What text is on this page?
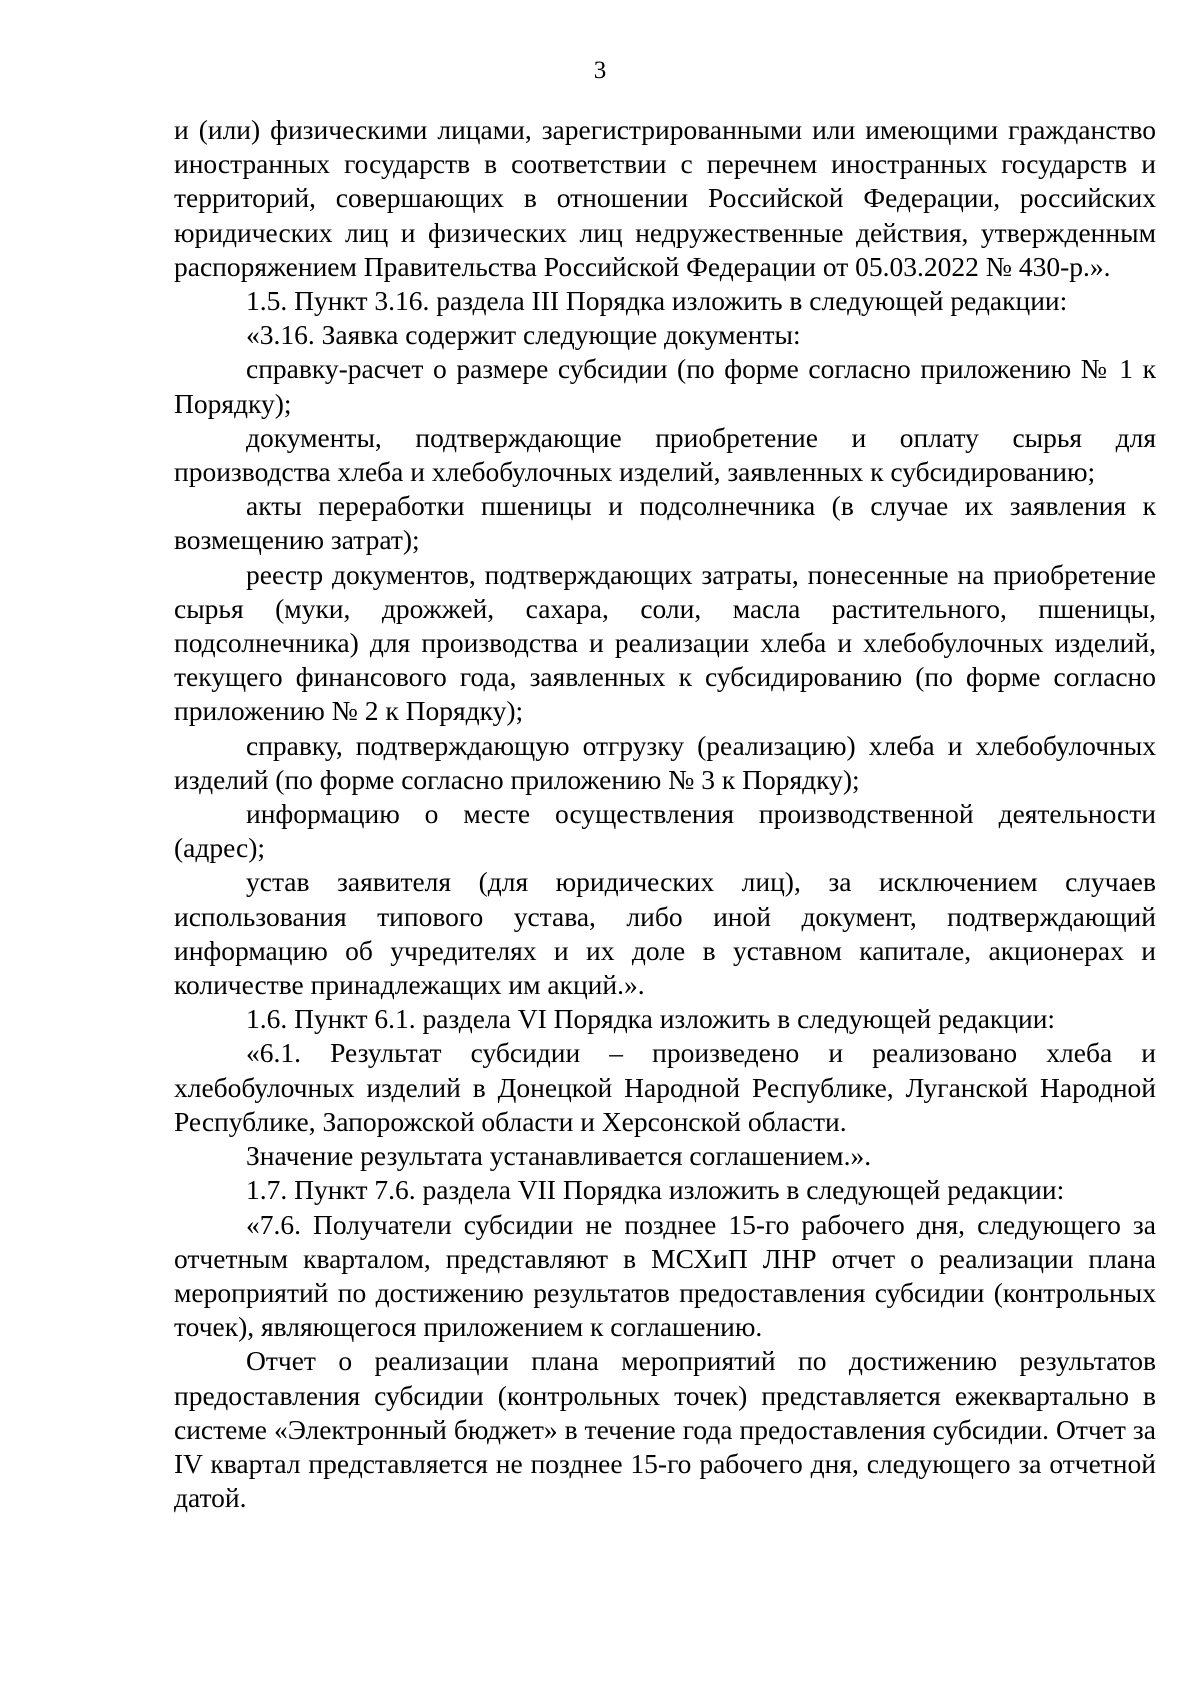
3

и (или) физическими лицами, зарегистрированными или имеющими гражданство иностранных государств в соответствии с перечнем иностранных государств и территорий, совершающих в отношении Российской Федерации, российских юридических лиц и физических лиц недружественные действия, утвержденным распоряжением Правительства Российской Федерации от 05.03.2022 № 430-р.».

1.5. Пункт 3.16. раздела III Порядка изложить в следующей редакции:

«3.16. Заявка содержит следующие документы:

справку-расчет о размере субсидии (по форме согласно приложению № 1 к Порядку);

документы, подтверждающие приобретение и оплату сырья для производства хлеба и хлебобулочных изделий, заявленных к субсидированию;

акты переработки пшеницы и подсолнечника (в случае их заявления к возмещению затрат);

реестр документов, подтверждающих затраты, понесенные на приобретение сырья (муки, дрожжей, сахара, соли, масла растительного, пшеницы, подсолнечника) для производства и реализации хлеба и хлебобулочных изделий, текущего финансового года, заявленных к субсидированию (по форме согласно приложению № 2 к Порядку);

справку, подтверждающую отгрузку (реализацию) хлеба и хлебобулочных изделий (по форме согласно приложению № 3 к Порядку);

информацию о месте осуществления производственной деятельности (адрес);

устав заявителя (для юридических лиц), за исключением случаев использования типового устава, либо иной документ, подтверждающий информацию об учредителях и их доле в уставном капитале, акционерах и количестве принадлежащих им акций.».

1.6. Пункт 6.1. раздела VI Порядка изложить в следующей редакции:

«6.1. Результат субсидии – произведено и реализовано хлеба и хлебобулочных изделий в Донецкой Народной Республике, Луганской Народной Республике, Запорожской области и Херсонской области.

Значение результата устанавливается соглашением.».

1.7. Пункт 7.6. раздела VII Порядка изложить в следующей редакции:

«7.6. Получатели субсидии не позднее 15-го рабочего дня, следующего за отчетным кварталом, представляют в МСХиП ЛНР отчет о реализации плана мероприятий по достижению результатов предоставления субсидии (контрольных точек), являющегося приложением к соглашению.

Отчет о реализации плана мероприятий по достижению результатов предоставления субсидии (контрольных точек) представляется ежеквартально в системе «Электронный бюджет» в течение года предоставления субсидии. Отчет за IV квартал представляется не позднее 15-го рабочего дня, следующего за отчетной датой.
